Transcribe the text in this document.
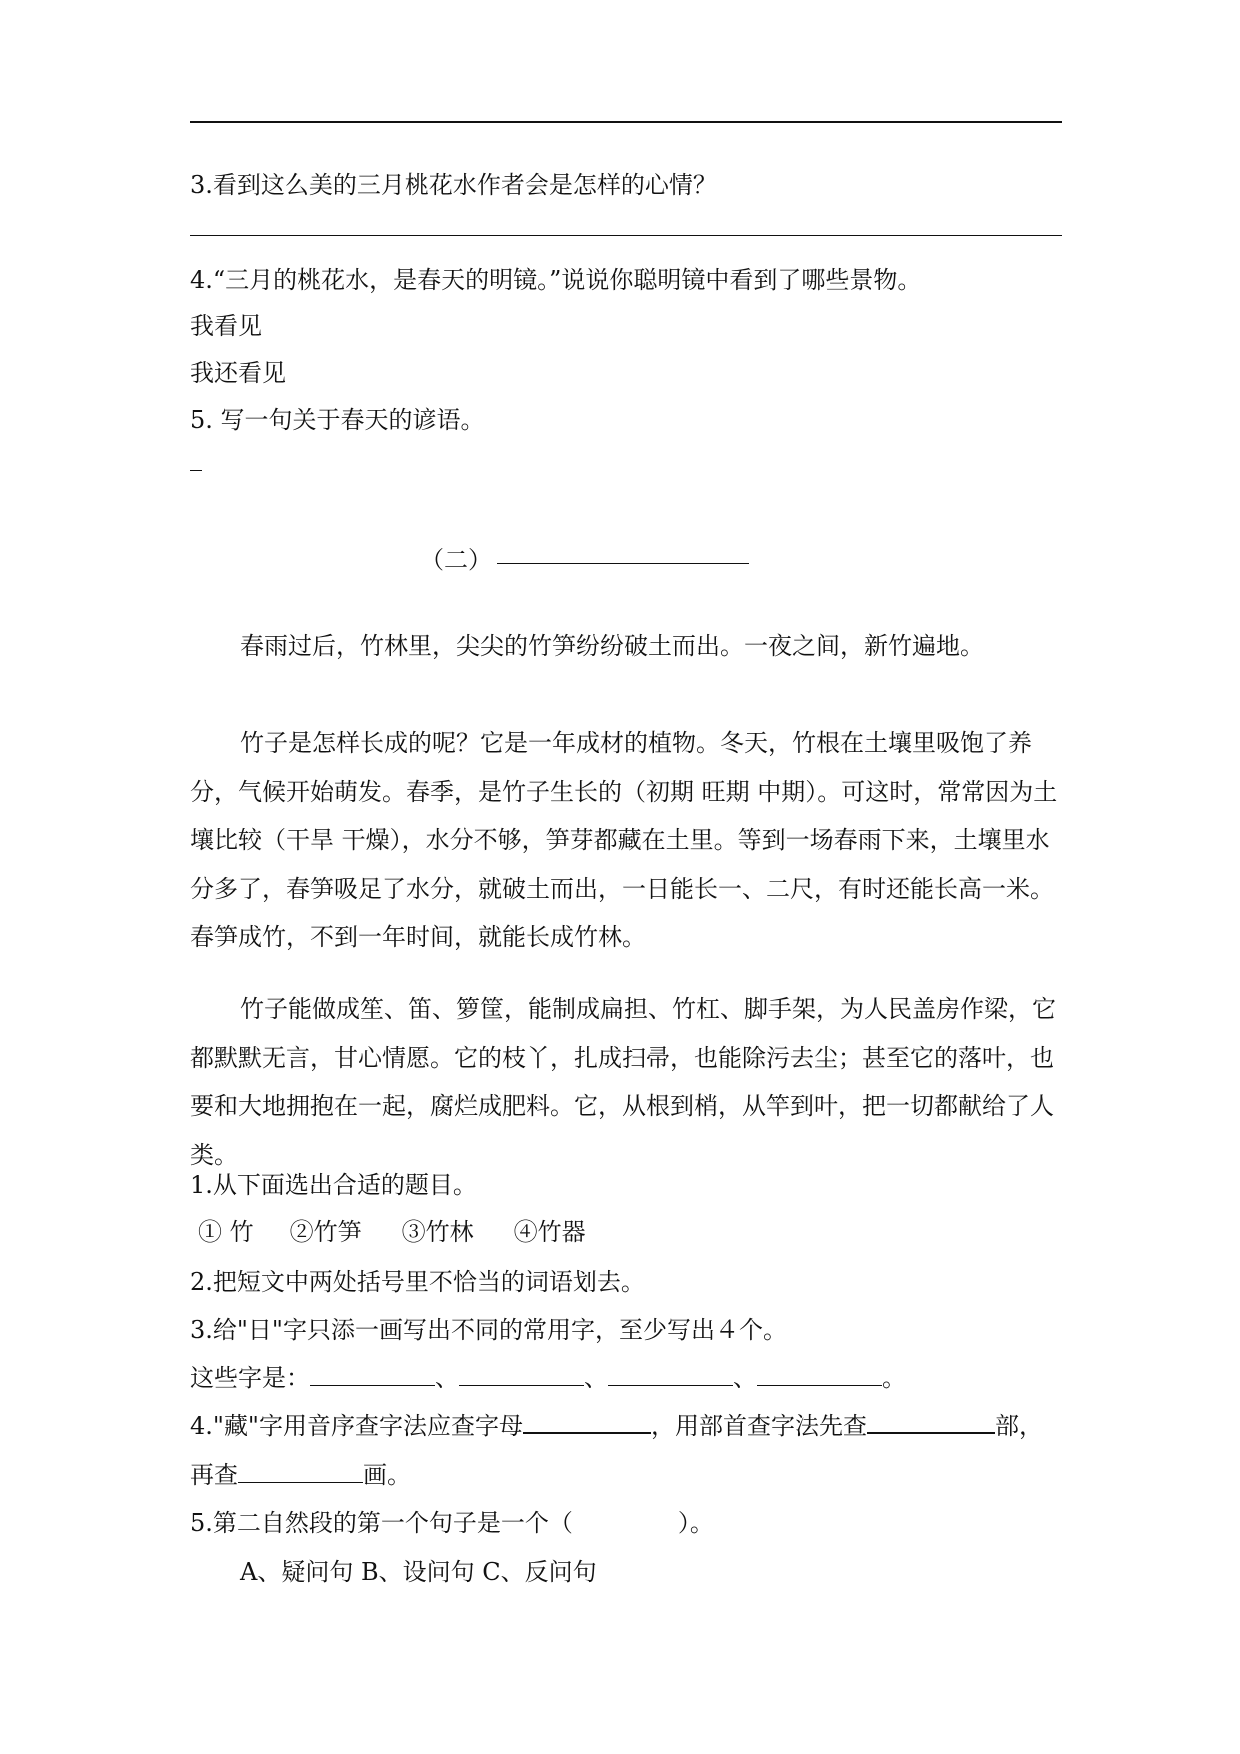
3.看到这么美的三月桃花水作者会是怎样的心情？
4.“三月的桃花水，是春天的明镜。”说说你聪明镜中看到了哪些景物。
我看见
我还看见
5. 写一句关于春天的谚语。
（二）
春雨过后，竹林里，尖尖的竹笋纷纷破土而出。一夜之间，新竹遍地。
竹子是怎样长成的呢？它是一年成材的植物。冬天，竹根在土壤里吸饱了养分，气候开始萌发。春季，是竹子生长的（初期 旺期 中期）。可这时，常常因为土壤比较（干旱 干燥），水分不够，笋芽都藏在土里。等到一场春雨下来，土壤里水分多了，春笋吸足了水分，就破土而出，一日能长一、二尺，有时还能长高一米。春笋成竹，不到一年时间，就能长成竹林。
竹子能做成笙、笛、箩筐，能制成扁担、竹杠、脚手架，为人民盖房作梁，它都默默无言，甘心情愿。它的枝丫，扎成扫帚，也能除污去尘；甚至它的落叶，也要和大地拥抱在一起，腐烂成肥料。它，从根到梢，从竿到叶，把一切都献给了人类。
1.从下面选出合适的题目。
① 竹 ②竹笋 ③竹林 ④竹器
2.把短文中两处括号里不恰当的词语划去。
3.给"日"字只添一画写出不同的常用字，至少写出４个。
这些字是：	、	、	、	。
4."藏"字用音序查字法应查字母	，用部首查字法先查	部，
再查	画。
5.第二自然段的第一个句子是一个（	）。
A、疑问句 B、设问句 C、反问句
